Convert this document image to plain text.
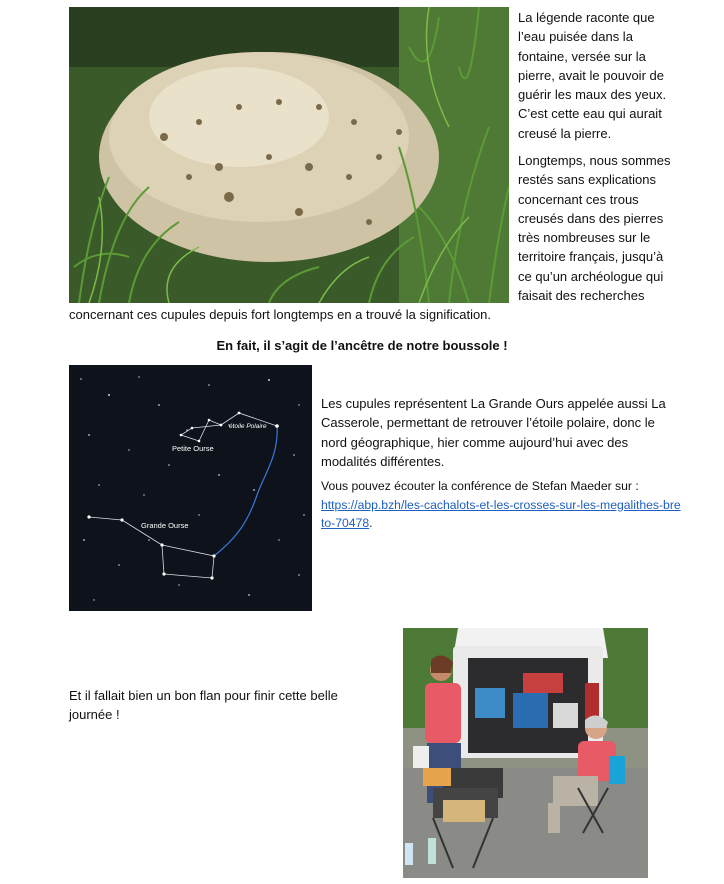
La légende raconte que l’eau puisée dans la fontaine, versée sur la pierre, avait le pouvoir de guérir les maux des yeux. C’est cette eau qui aurait creusé la pierre.

Longtemps, nous sommes restés sans explications concernant ces trous creusés dans des pierres très nombreuses sur le territoire français, jusqu’à ce qu’un archéologue qui faisait des recherches

concernant ces cupules depuis fort longtemps en a trouvé la signification.

En fait, il s’agit de l’ancêtre de notre boussole !

Petite Ourse
étoile Polaire
Grande Ourse

Les cupules représentent La Grande Ours appelée aussi La Casserole, permettant de retrouver l’étoile polaire, donc le nord géographique, hier comme aujourd’hui avec des modalités différentes.

Vous pouvez écouter la conférence de Stefan Maeder sur :
https://abp.bzh/les-cachalots-et-les-crosses-sur-les-megalithes-breto-70478.

Et il fallait bien un bon flan pour finir cette belle journée !
